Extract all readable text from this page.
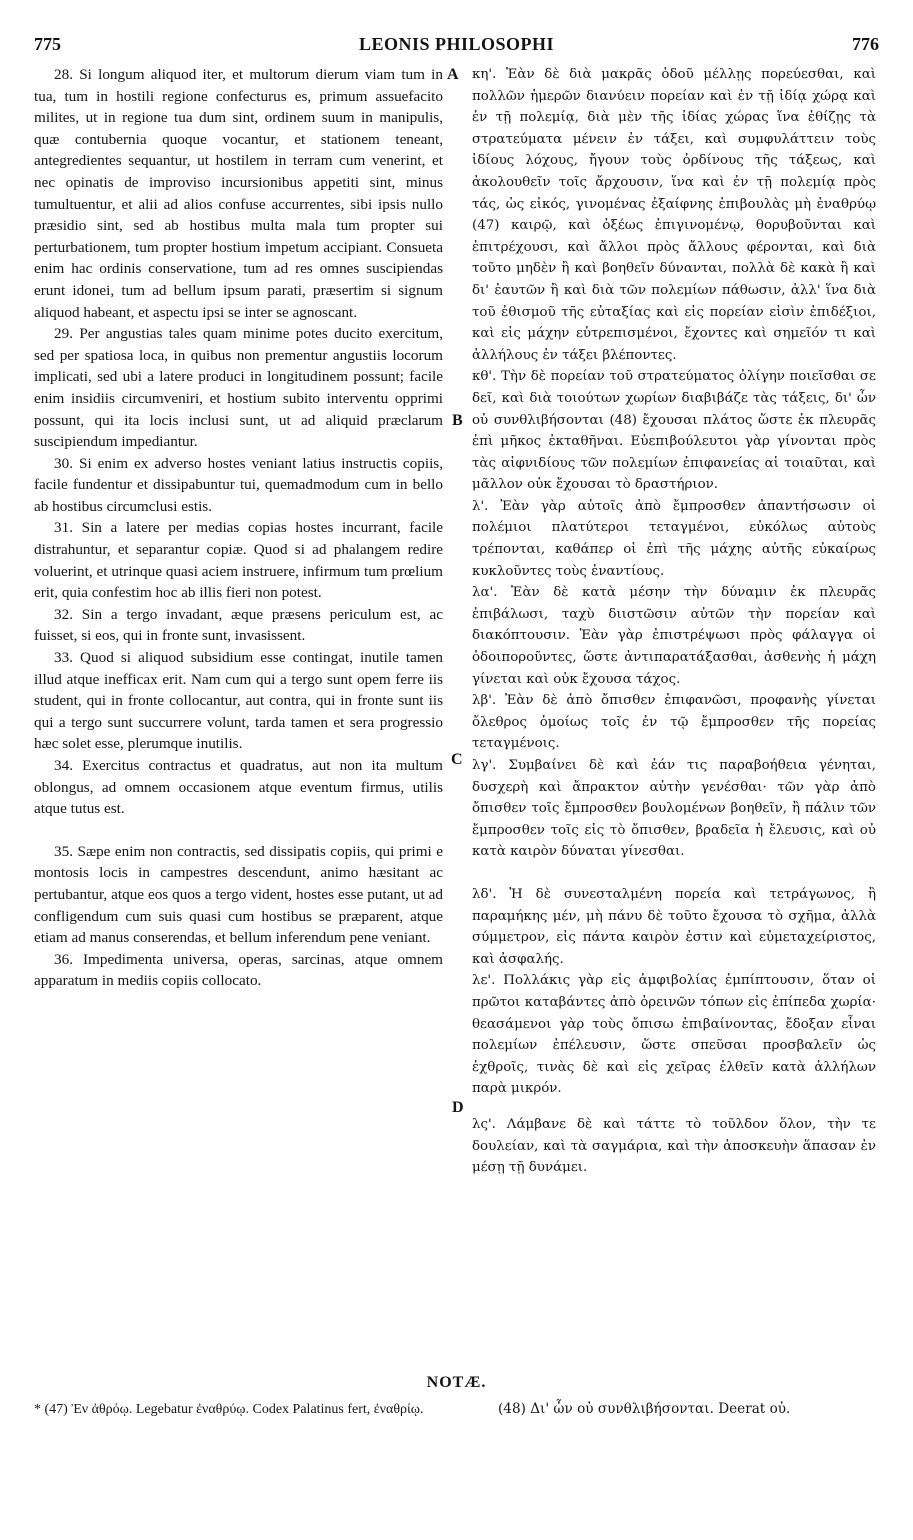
775	LEONIS PHILOSOPHI	776

28. Si longum aliquod iter, et multorum dierum viam tum in tua, tum in hostili regione confecturus es, primum assuefacito milites, ut in regione tua dum sint, ordinem suum in manipulis, quæ contubernia quoque vocantur, et stationem teneant, antegredientes sequantur, ut hostilem in terram cum venerint, et nec opinatis de improviso incursionibus appetiti sint, minus tumultuentur, et alii ad alios confuse accurrentes, sibi ipsis nullo præsidio sint, sed ab hostibus multa mala tum propter sui perturbationem, tum propter hostium impetum accipiant. Consueta enim hac ordinis conservatione, tum ad res omnes suscipiendas erunt idonei, tum ad bellum ipsum parati, præsertim si signum aliquod habeant, et aspectu ipsi se inter se agnoscant.

29. Per angustias tales quam minime potes ducito exercitum, sed per spatiosa loca, in quibus non prementur angustiis locorum implicati, sed ubi a latere produci in longitudinem possunt; facile enim insidiis circumveniri, et hostium subito interventu opprimi possunt, qui ita locis inclusi sunt, ut ad aliquid præclarum suscipiendum impediantur.

30. Si enim ex adverso hostes veniant latius instructis copiis, facile fundentur et dissipabuntur tui, quemadmodum cum in bello ab hostibus circumclusi estis.

31. Sin a latere per medias copias hostes incurrant, facile distrahuntur, et separantur copiæ. Quod si ad phalangem redire voluerint, et utrinque quasi aciem instruere, infirmum tum prœlium erit, quia confestim hoc ab illis fieri non potest.

32. Sin a tergo invadant, æque præsens periculum est, ac fuisset, si eos, qui in fronte sunt, invasissent.

33. Quod si aliquod subsidium esse contingat, inutile tamen illud atque inefficax erit. Nam cum qui a tergo sunt opem ferre iis student, qui in fronte collocantur, aut contra, qui in fronte sunt iis qui a tergo sunt succurrere volunt, tarda tamen et sera progressio hæc solet esse, plerumque inutilis.

34. Exercitus contractus et quadratus, aut non ita multum oblongus, ad omnem occasionem atque eventum firmus, utilis atque tutus est.

35. Sæpe enim non contractis, sed dissipatis copiis, qui primi e montosis locis in campestres descendunt, animo hæsitant ac pertubantur, atque eos quos a tergo vident, hostes esse putant, ut ad confligendum cum suis quasi cum hostibus se præparent, atque etiam ad manus conserendas, et bellum inferendum pene veniant.

36. Impedimenta universa, operas, sarcinas, atque omnem apparatum in mediis copiis collocato.

A
B
C
D

κη'. Ἐὰν δὲ διὰ μακρᾶς ὁδοῦ μέλλῃς πορεύεσθαι, καὶ πολλῶν ἡμερῶν διανύειν πορείαν καὶ ἐν τῇ ἰδίᾳ χώρᾳ καὶ ἐν τῇ πολεμίᾳ, διὰ μὲν τῆς ἰδίας χώρας ἵνα ἐθίζῃς τὰ στρατεύματα μένειν ἐν τάξει, καὶ συμφυλάττειν τοὺς ἰδίους λόχους, ἤγουν τοὺς ὀρδίνους τῆς τάξεως, καὶ ἀκολουθεῖν τοῖς ἄρχουσιν, ἵνα καὶ ἐν τῇ πολεμίᾳ πρὸς τάς, ὡς εἰκός, γινομένας ἐξαίφνης ἐπιβουλὰς μὴ ἐναθρύῳ (47) καιρῷ, καὶ ὀξέως ἐπιγινομένῳ, θορυβοῦνται καὶ ἐπιτρέχουσι, καὶ ἄλλοι πρὸς ἄλλους φέρονται, καὶ διὰ τοῦτο μηδὲν ἢ καὶ βοηθεῖν δύνανται, πολλὰ δὲ κακὰ ἢ καὶ δι' ἑαυτῶν ἢ καὶ διὰ τῶν πολεμίων πάθωσιν, ἀλλ' ἵνα διὰ τοῦ ἐθισμοῦ τῆς εὐταξίας καὶ εἰς πορείαν εἰσὶν ἐπιδέξιοι, καὶ εἰς μάχην εὐτρεπισμένοι, ἔχοντες καὶ σημεῖόν τι καὶ ἀλλήλους ἐν τάξει βλέποντες.

κθ'. Τὴν δὲ πορείαν τοῦ στρατεύματος ὀλίγην ποιεῖσθαι σε δεῖ, καὶ διὰ τοιούτων χωρίων διαβιβάζε τὰς τάξεις, δι' ὧν οὐ συνθλιβήσονται (48) ἔχουσαι πλάτος ὥστε ἐκ πλευρᾶς ἐπὶ μῆκος ἐκταθῆναι. Εὐεπιβούλευτοι γὰρ γίνονται πρὸς τὰς αἰφνιδίους τῶν πολεμίων ἐπιφανείας αἱ τοιαῦται, καὶ μᾶλλον οὐκ ἔχουσαι τὸ δραστήριον.

λ'. Ἐὰν γὰρ αὐτοῖς ἀπὸ ἔμπροσθεν ἀπαντήσωσιν οἱ πολέμιοι πλατύτεροι τεταγμένοι, εὐκόλως αὐτοὺς τρέπονται, καθάπερ οἱ ἐπὶ τῆς μάχης αὐτῆς εὐκαίρως κυκλοῦντες τοὺς ἐναντίους.

λα'. Ἐὰν δὲ κατὰ μέσην τὴν δύναμιν ἐκ πλευρᾶς ἐπιβάλωσι, ταχὺ διιστῶσιν αὐτῶν τὴν πορείαν καὶ διακόπτουσιν. Ἐὰν γὰρ ἐπιστρέψωσι πρὸς φάλαγγα οἱ ὁδοιποροῦντες, ὥστε ἀντιπαρατάξασθαι, ἀσθενὴς ἡ μάχη γίνεται καὶ οὐκ ἔχουσα τάχος.

λβ'. Ἐὰν δὲ ἀπὸ ὄπισθεν ἐπιφανῶσι, προφανὴς γίνεται ὄλεθρος ὁμοίως τοῖς ἐν τῷ ἔμπροσθεν τῆς πορείας τεταγμένοις.

λγ'. Συμβαίνει δὲ καὶ ἐάν τις παραβοήθεια γένηται, δυσχερὴ καὶ ἄπρακτον αὐτὴν γενέσθαι· τῶν γὰρ ἀπὸ ὄπισθεν τοῖς ἔμπροσθεν βουλομένων βοηθεῖν, ἢ πάλιν τῶν ἔμπροσθεν τοῖς εἰς τὸ ὄπισθεν, βραδεῖα ἡ ἔλευσις, καὶ οὐ κατὰ καιρὸν δύναται γίνεσθαι.

λδ'. Ἡ δὲ συνεσταλμένη πορεία καὶ τετράγωνος, ἢ παραμήκης μέν, μὴ πάνυ δὲ τοῦτο ἔχουσα τὸ σχῆμα, ἀλλὰ σύμμετρον, εἰς πάντα καιρὸν ἐστιν καὶ εὐμεταχείριστος, καὶ ἀσφαλής.

λε'. Πολλάκις γὰρ εἰς ἀμφιβολίας ἐμπίπτουσιν, ὅταν οἱ πρῶτοι καταβάντες ἀπὸ ὀρεινῶν τόπων εἰς ἐπίπεδα χωρία· θεασάμενοι γὰρ τοὺς ὄπισω ἐπιβαίνοντας, ἔδοξαν εἶναι πολεμίων ἐπέλευσιν, ὥστε σπεῦσαι προσβαλεῖν ὡς ἐχθροῖς, τινὰς δὲ καὶ εἰς χεῖρας ἐλθεῖν κατὰ ἀλλήλων παρὰ μικρόν.

λς'. Λάμβανε δὲ καὶ τάττε τὸ τοῦλδον ὅλον, τὴν τε δουλείαν, καὶ τὰ σαγμάρια, καὶ τὴν ἀποσκευὴν ἅπασαν ἐν μέσῃ τῇ δυνάμει.

NOTÆ.
* (47) Ἐν ἀθρόῳ. Legebatur ἐναθρύῳ. Codex Palatinus fert, ἐναθρίῳ.	(48) Δι' ὧν οὐ συνθλιβήσονται. Deerat οὐ.
